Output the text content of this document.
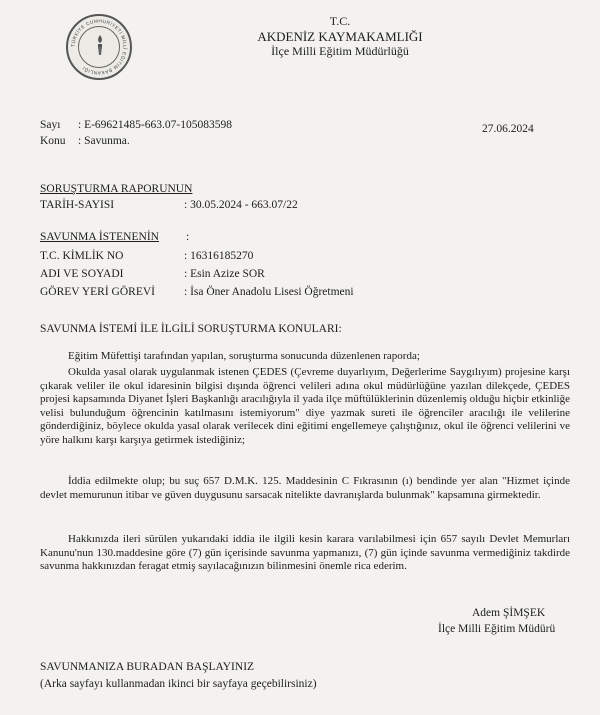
TÜRKİYE CUMHURİYETİ MİLLÎ EĞİTİM BAKANLIĞI
T.C.
AKDENİZ KAYMAKAMLIĞI
İlçe Milli Eğitim Müdürlüğü
Sayı : E-69621485-663.07-105083598
Konu : Savunma.
27.06.2024
SORUŞTURMA RAPORUNUN
TARİH-SAYISI	: 30.05.2024 - 663.07/22
SAVUNMA İSTENENİN :
T.C. KİMLİK NO	: 16316185270
ADI VE SOYADI	: Esin Azize SOR
GÖREV YERİ GÖREVİ	: İsa Öner Anadolu Lisesi Öğretmeni
SAVUNMA İSTEMİ İLE İLGİLİ SORUŞTURMA KONULARI:

Eğitim Müfettişi tarafından yapılan, soruşturma sonucunda düzenlenen raporda;

Okulda yasal olarak uygulanmak istenen ÇEDES (Çevreme duyarlıyım, Değerlerime Saygılıyım) projesine karşı çıkarak veliler ile okul idaresinin bilgisi dışında öğrenci velileri adına okul müdürlüğüne yazılan dilekçede, ÇEDES projesi kapsamında Diyanet İşleri Başkanlığı aracılığıyla il yada ilçe müftülüklerinin düzenlemiş olduğu hiçbir etkinliğe velisi bulunduğum öğrencinin katılmasını istemiyorum" diye yazmak sureti ile öğrenciler aracılığı ile velilerine gönderdiğiniz, böylece okulda yasal olarak verilecek dini eğitimi engellemeye çalıştığınız, okul ile öğrenci velilerini ve yöre halkını karşı karşıya getirmek istediğiniz;

İddia edilmekte olup; bu suç 657 D.M.K. 125. Maddesinin C Fıkrasının (ı) bendinde yer alan "Hizmet içinde devlet memurunun itibar ve güven duygusunu sarsacak nitelikte davranışlarda bulunmak" kapsamına girmektedir.

Hakkınızda ileri sürülen yukarıdaki iddia ile ilgili kesin karara varılabilmesi için 657 sayılı Devlet Memurları Kanunu'nun 130.maddesine göre (7) gün içerisinde savunma yapmanızı, (7) gün içinde savunma vermediğiniz takdirde savunma hakkınızdan feragat etmiş sayılacağınızın bilinmesini önemle rica ederim.

Adem ŞİMŞEK
İlçe Milli Eğitim Müdürü
SAVUNMANIZA BURADAN BAŞLAYINIZ
(Arka sayfayı kullanmadan ikinci bir sayfaya geçebilirsiniz)
